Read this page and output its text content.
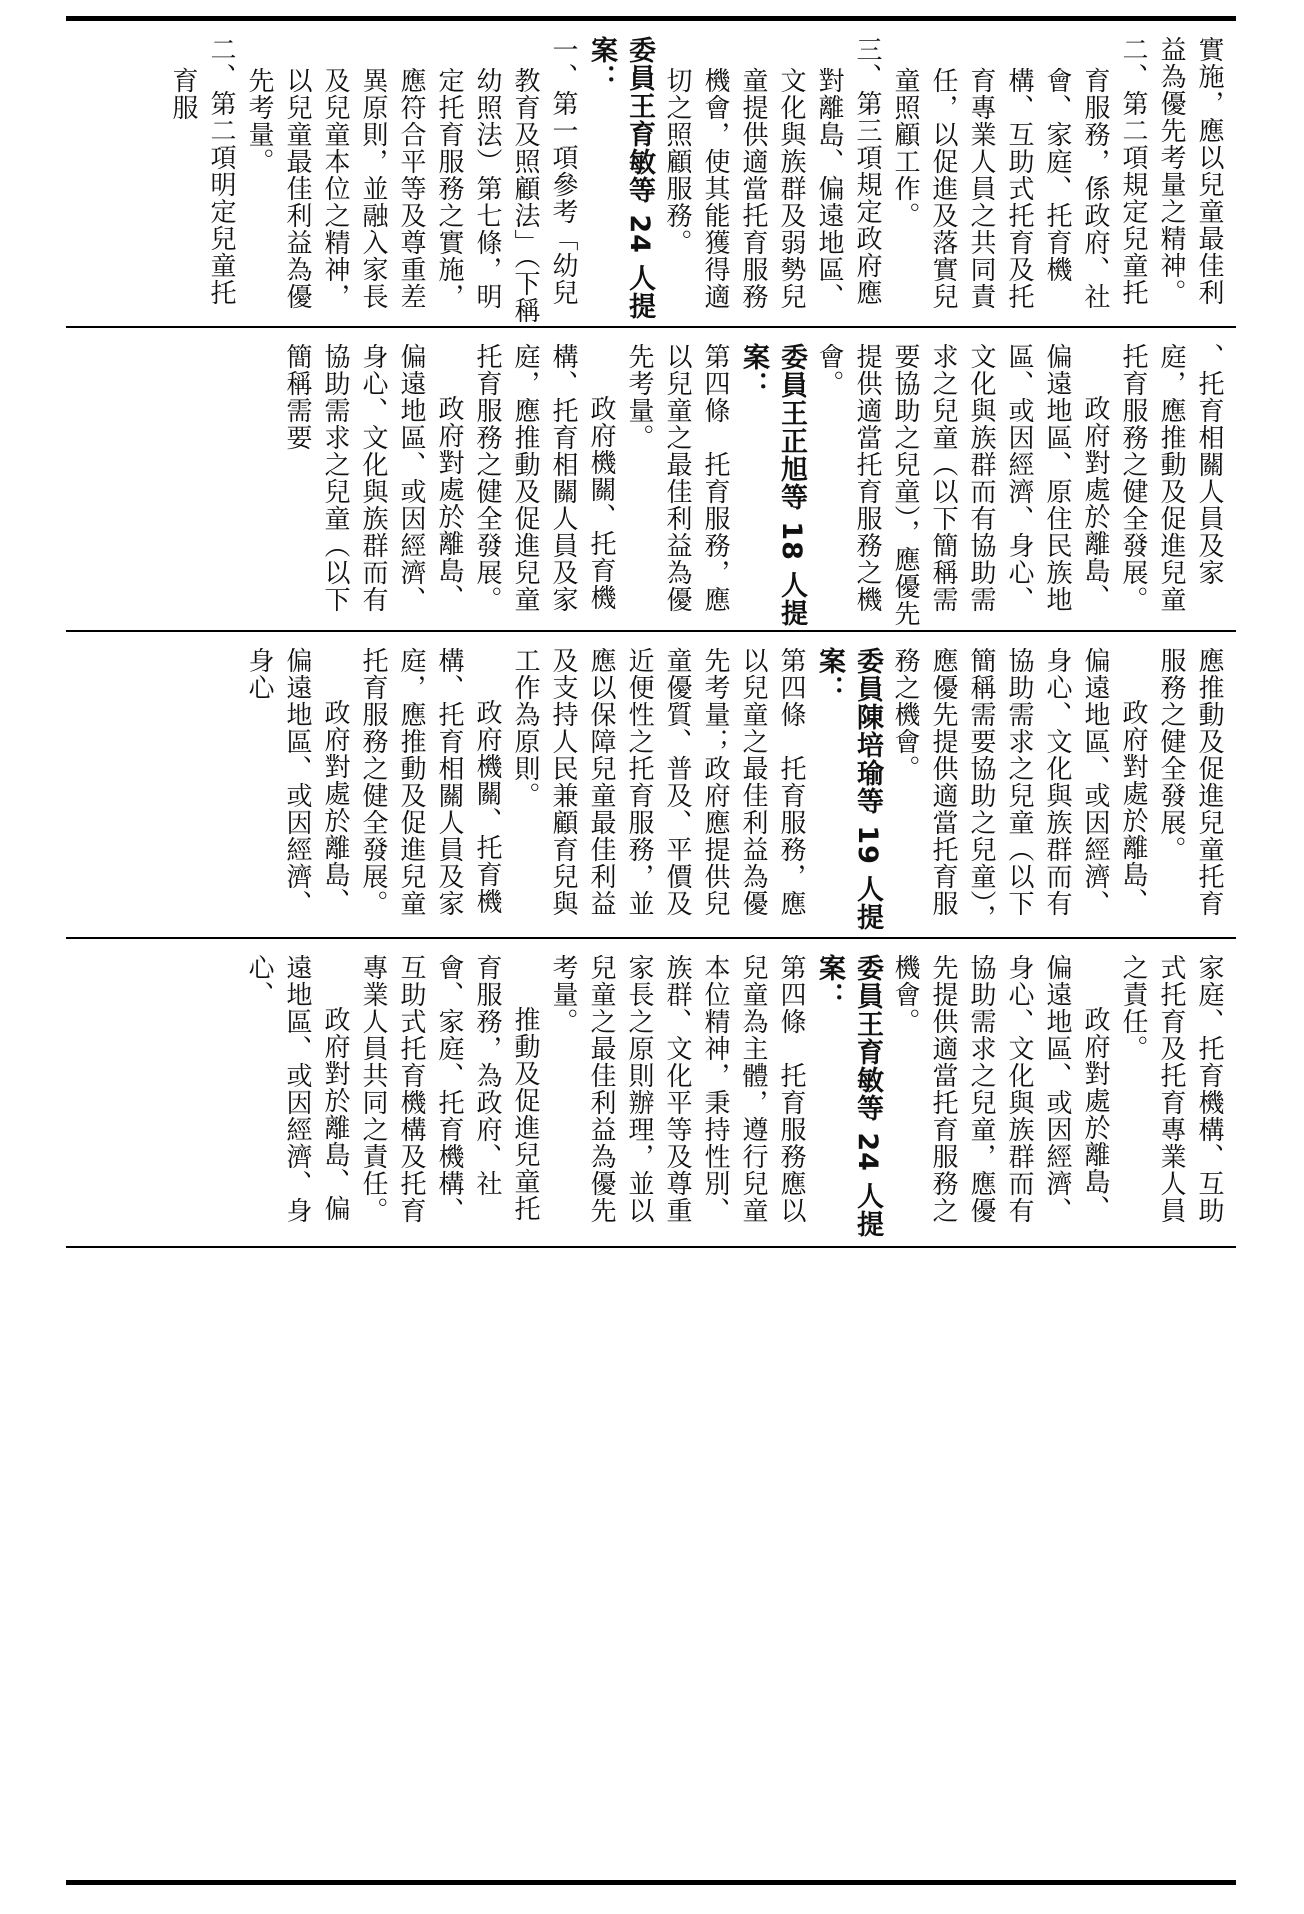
實施，應以兒童最佳利益為優先考量之精神。

二、第二項規定兒童托育服務，係政府、社會、家庭、托育機構、互助式托育及托育專業人員之共同責任，以促進及落實兒童照顧工作。

三、第三項規定政府應對離島、偏遠地區、文化與族群及弱勢兒童提供適當托育服務機會，使其能獲得適切之照顧服務。

委員王育敏等 24 人提案：

一、第一項參考「幼兒教育及照顧法」（下稱幼照法）第七條，明定托育服務之實施，應符合平等及尊重差異原則，並融入家長及兒童本位之精神，以兒童最佳利益為優先考量。

二、第二項明定兒童托育服

、托育相關人員及家庭，應推動及促進兒童托育服務之健全發展。

政府對處於離島、偏遠地區、原住民族地區、或因經濟、身心、文化與族群而有協助需求之兒童（以下簡稱需要協助之兒童），應優先提供適當托育服務之機會。

委員王正旭等 18 人提案：

第四條　托育服務，應以兒童之最佳利益為優先考量。

政府機關、托育機構、托育相關人員及家庭，應推動及促進兒童托育服務之健全發展。

政府對處於離島、偏遠地區、或因經濟、身心、文化與族群而有協助需求之兒童（以下簡稱需要

應推動及促進兒童托育服務之健全發展。

政府對處於離島、偏遠地區、或因經濟、身心、文化與族群而有協助需求之兒童（以下簡稱需要協助之兒童），應優先提供適當托育服務之機會。

委員陳培瑜等 19 人提案：

第四條　托育服務，應以兒童之最佳利益為優先考量；政府應提供兒童優質、普及、平價及近便性之托育服務，並應以保障兒童最佳利益及支持人民兼顧育兒與工作為原則。

政府機關、托育機構、托育相關人員及家庭，應推動及促進兒童托育服務之健全發展。

政府對處於離島、偏遠地區、或因經濟、身心

家庭、托育機構、互助式托育及托育專業人員之責任。

政府對處於離島、偏遠地區、或因經濟、身心、文化與族群而有協助需求之兒童，應優先提供適當托育服務之機會。

委員王育敏等 24 人提案：

第四條　托育服務應以兒童為主體，遵行兒童本位精神，秉持性別、族群、文化平等及尊重家長之原則辦理，並以兒童之最佳利益為優先考量。

推動及促進兒童托育服務，為政府、社會、家庭、托育機構、互助式托育機構及托育專業人員共同之責任。

政府對於離島、偏遠地區、或因經濟、身心、
